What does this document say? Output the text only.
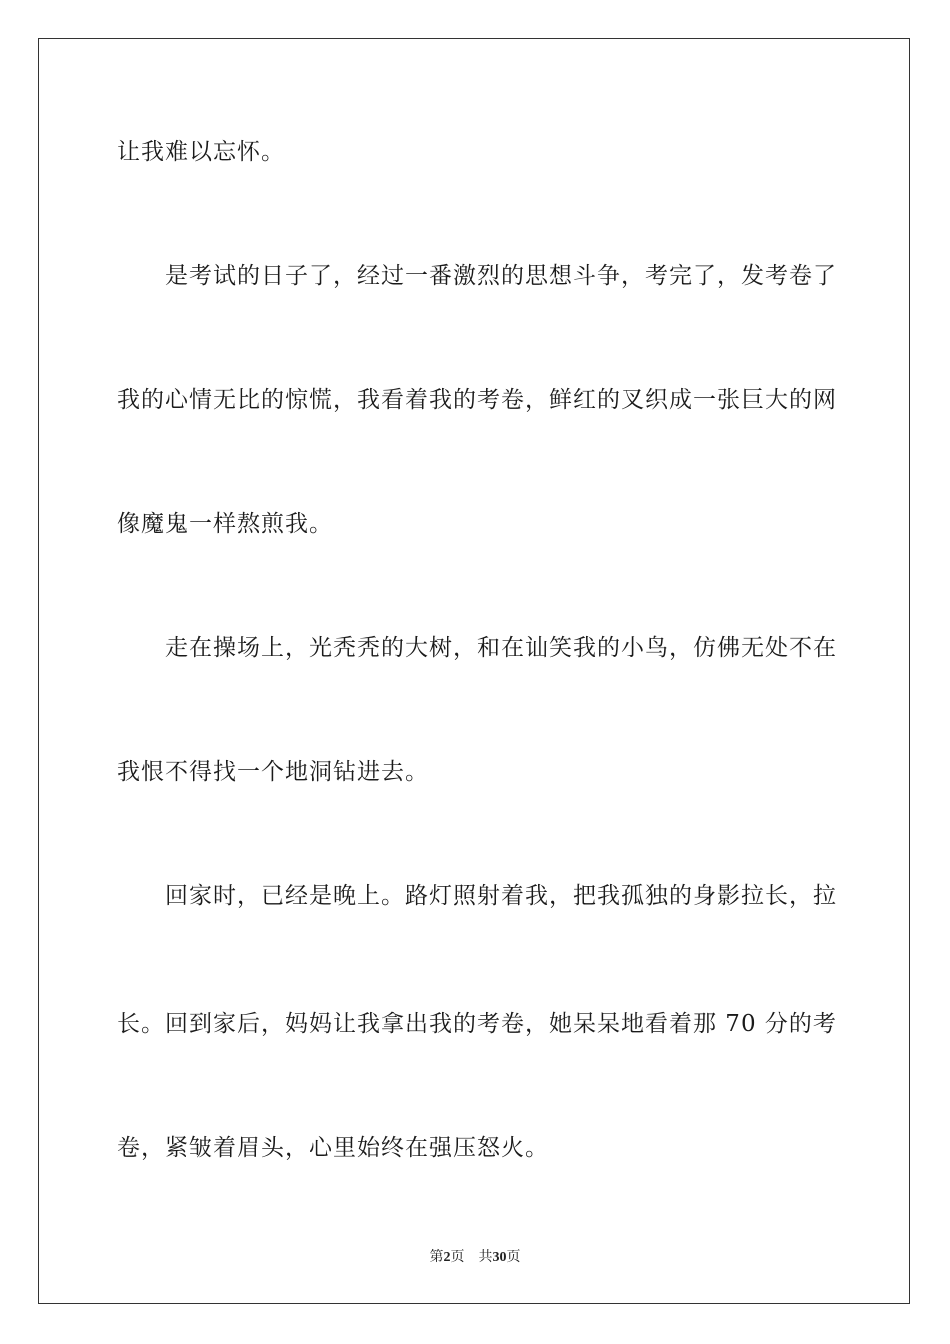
让我难以忘怀。
是考试的日子了，经过一番激烈的思想斗争，考完了，发考卷了
我的心情无比的惊慌，我看着我的考卷，鲜红的叉织成一张巨大的网
像魔鬼一样熬煎我。
走在操场上，光秃秃的大树，和在讪笑我的小鸟，仿佛无处不在
我恨不得找一个地洞钻进去。
回家时，已经是晚上。路灯照射着我，把我孤独的身影拉长，拉
长。回到家后，妈妈让我拿出我的考卷，她呆呆地看着那 70 分的考
卷，紧皱着眉头，心里始终在强压怒火。
第2页 共30页
